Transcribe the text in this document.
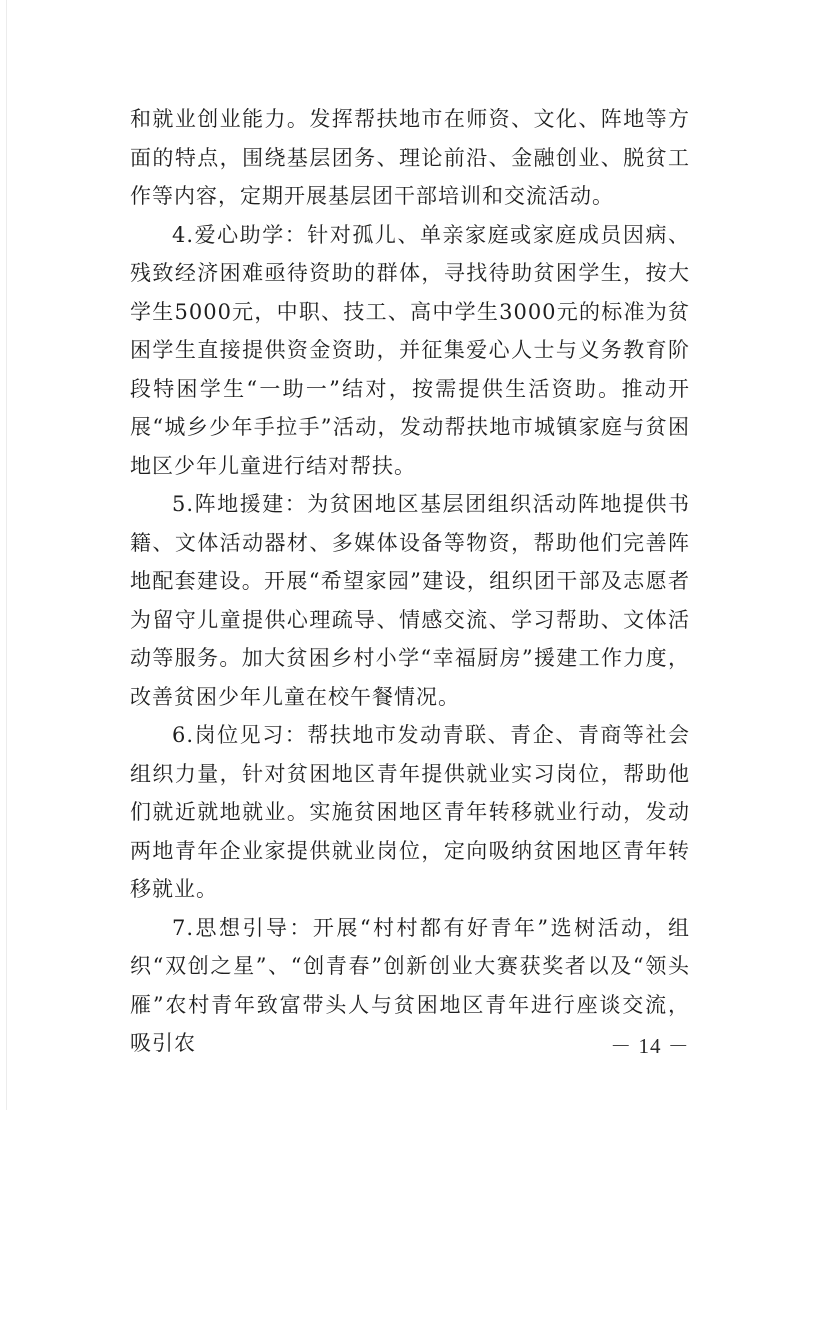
和就业创业能力。发挥帮扶地市在师资、文化、阵地等方面的特点，围绕基层团务、理论前沿、金融创业、脱贫工作等内容，定期开展基层团干部培训和交流活动。

4.爱心助学：针对孤儿、单亲家庭或家庭成员因病、残致经济困难亟待资助的群体，寻找待助贫困学生，按大学生5000元，中职、技工、高中学生3000元的标准为贫困学生直接提供资金资助，并征集爱心人士与义务教育阶段特困学生“一助一”结对，按需提供生活资助。推动开展“城乡少年手拉手”活动，发动帮扶地市城镇家庭与贫困地区少年儿童进行结对帮扶。

5.阵地援建：为贫困地区基层团组织活动阵地提供书籍、文体活动器材、多媒体设备等物资，帮助他们完善阵地配套建设。开展“希望家园”建设，组织团干部及志愿者为留守儿童提供心理疏导、情感交流、学习帮助、文体活动等服务。加大贫困乡村小学“幸福厨房”援建工作力度，改善贫困少年儿童在校午餐情况。

6.岗位见习：帮扶地市发动青联、青企、青商等社会组织力量，针对贫困地区青年提供就业实习岗位，帮助他们就近就地就业。实施贫困地区青年转移就业行动，发动两地青年企业家提供就业岗位，定向吸纳贫困地区青年转移就业。

7.思想引导：开展“村村都有好青年”选树活动，组织“双创之星”、“创青春”创新创业大赛获奖者以及“领头雁”农村青年致富带头人与贫困地区青年进行座谈交流，吸引农	－ 14 －
